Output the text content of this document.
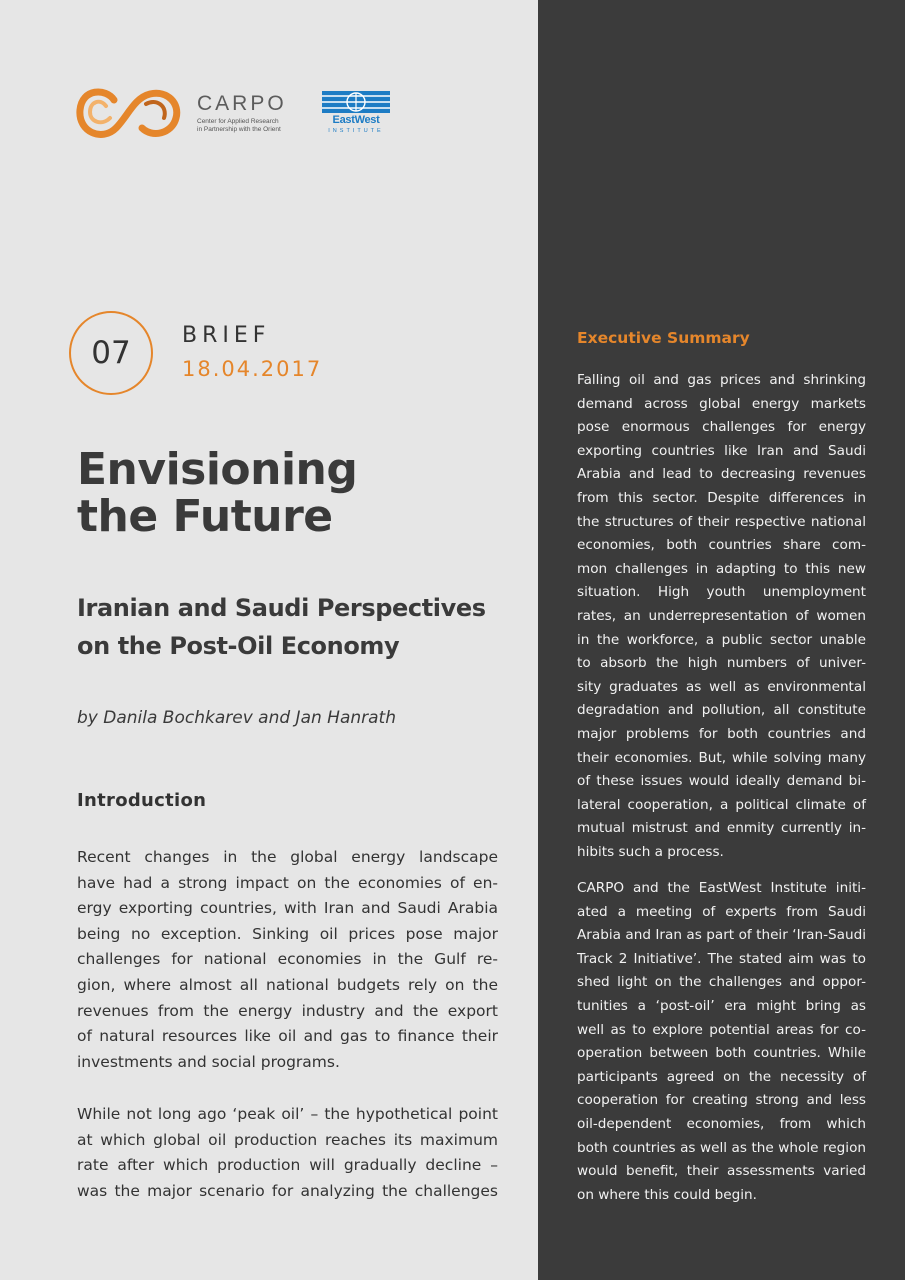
CARPO
Center for Applied Research
in Partnership with the Orient
EastWest
INSTITUTE
07	BRIEF
18.04.2017
Envisioning
the Future
Iranian and Saudi Perspectives
on the Post-Oil Economy
by Danila Bochkarev and Jan Hanrath
Introduction
Recent changes in the global energy landscape
have had a strong impact on the economies of en-
ergy exporting countries, with Iran and Saudi Arabia
being no exception. Sinking oil prices pose major
challenges for national economies in the Gulf re-
gion, where almost all national budgets rely on the
revenues from the energy industry and the export
of natural resources like oil and gas to finance their
investments and social programs.
While not long ago ‘peak oil’ – the hypothetical point
at which global oil production reaches its maximum
rate after which production will gradually decline –
was the major scenario for analyzing the challenges
Executive Summary
Falling oil and gas prices and shrinking
demand across global energy markets
pose enormous challenges for energy
exporting countries like Iran and Saudi
Arabia and lead to decreasing revenues
from this sector. Despite differences in
the structures of their respective national
economies, both countries share com-
mon challenges in adapting to this new
situation. High youth unemployment
rates, an underrepresentation of women
in the workforce, a public sector unable
to absorb the high numbers of univer-
sity graduates as well as environmental
degradation and pollution, all constitute
major problems for both countries and
their economies. But, while solving many
of these issues would ideally demand bi-
lateral cooperation, a political climate of
mutual mistrust and enmity currently in-
hibits such a process.
CARPO and the EastWest Institute initi-
ated a meeting of experts from Saudi
Arabia and Iran as part of their ‘Iran-Saudi
Track 2 Initiative’. The stated aim was to
shed light on the challenges and oppor-
tunities a ‘post-oil’ era might bring as
well as to explore potential areas for co-
operation between both countries. While
participants agreed on the necessity of
cooperation for creating strong and less
oil-dependent economies, from which
both countries as well as the whole region
would benefit, their assessments varied
on where this could begin.
